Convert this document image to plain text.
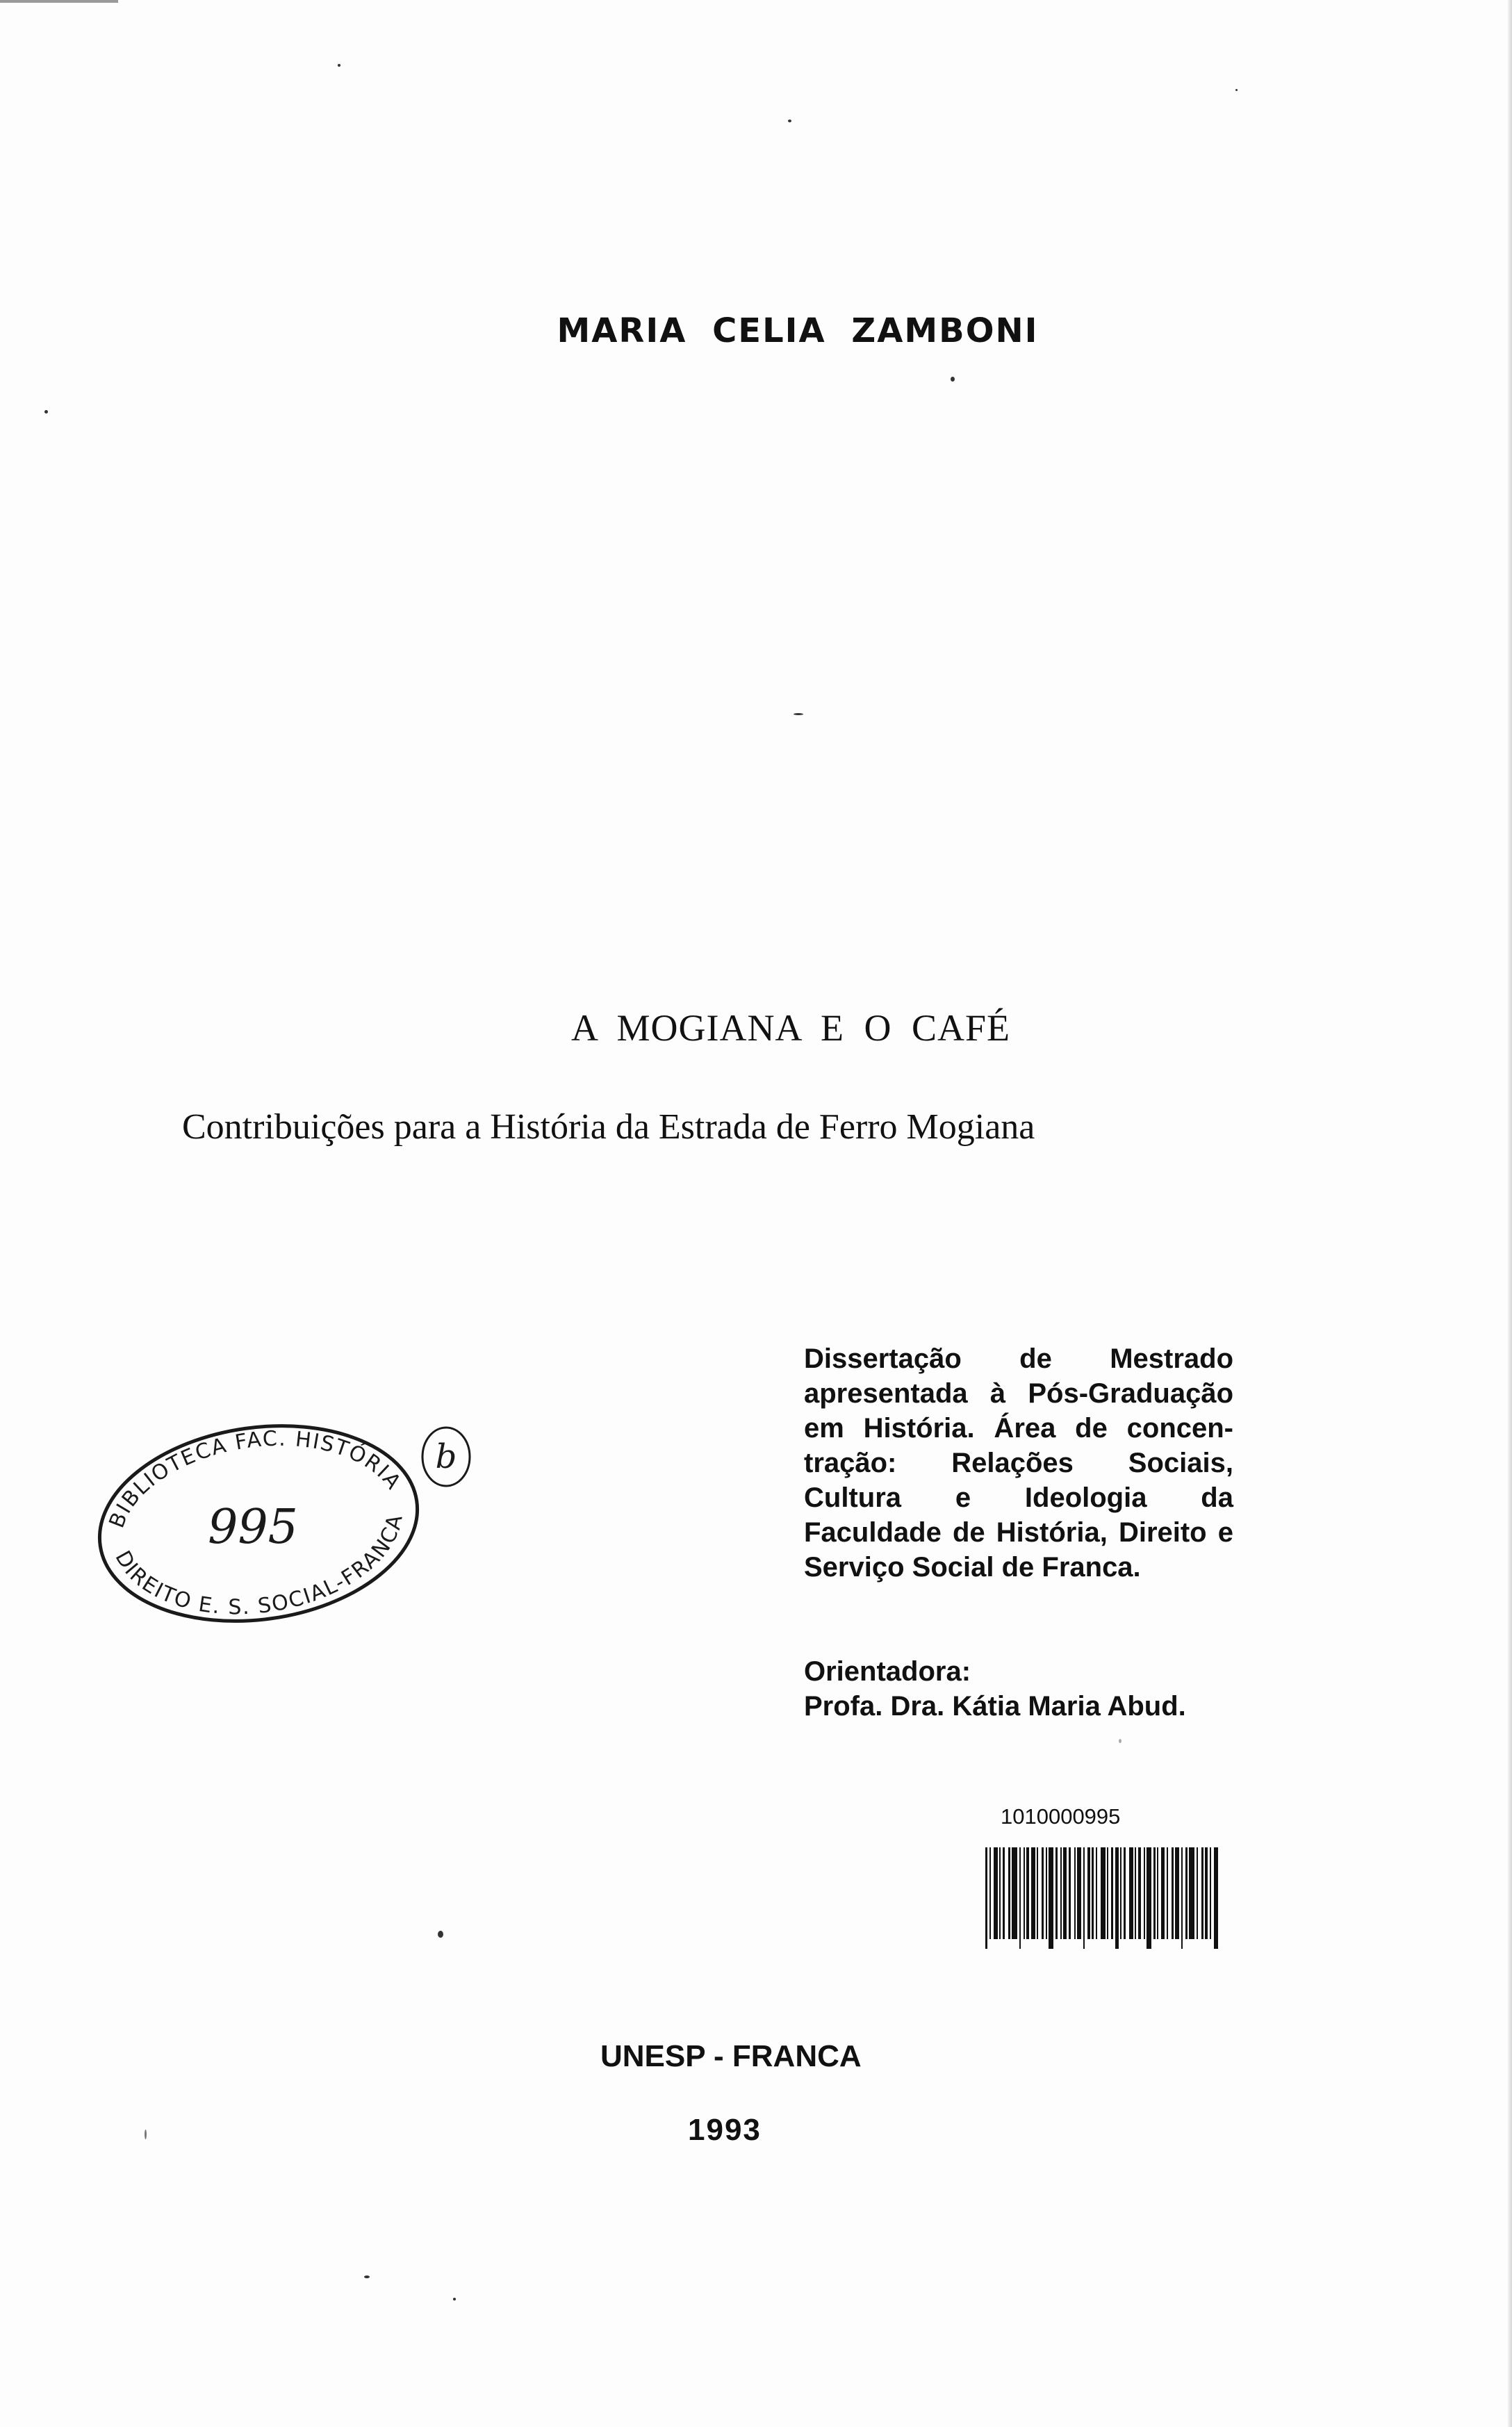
MARIA CELIA ZAMBONI
A MOGIANA E O CAFÉ
Contribuições para a História da Estrada de Ferro Mogiana
Dissertação de Mestrado apresentada à Pós-Graduação em História. Área de concen-tração: Relações Sociais, Cultura e Ideologia da Faculdade de História, Direito e Serviço Social de Franca.
Orientadora:
Profa. Dra. Kátia Maria Abud.
BIBLIOTECA FAC. HISTÓRIA
DIREITO E. S. SOCIAL-FRANCA
995
b
1010000995
UNESP - FRANCA
1993
